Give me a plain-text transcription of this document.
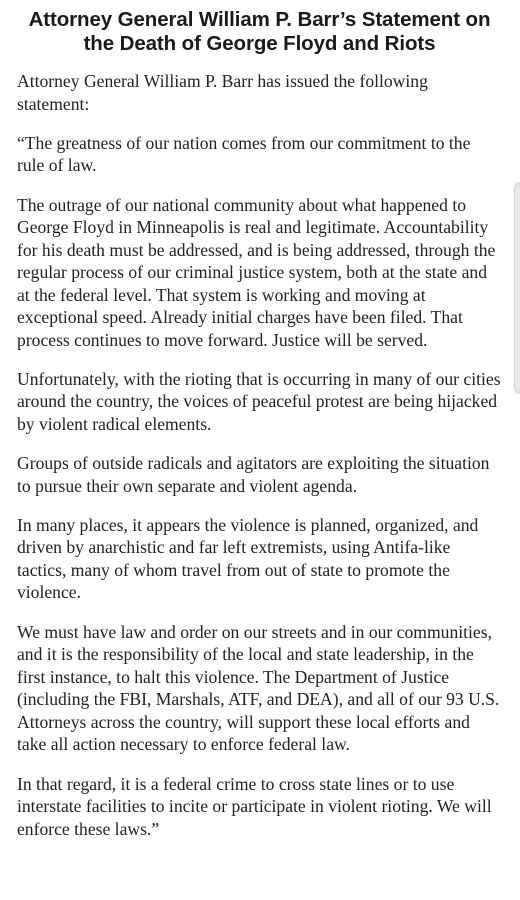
Attorney General William P. Barr’s Statement on the Death of George Floyd and Riots

Attorney General William P. Barr has issued the following statement:

“The greatness of our nation comes from our commitment to the rule of law.

The outrage of our national community about what happened to George Floyd in Minneapolis is real and legitimate. Accountability for his death must be addressed, and is being addressed, through the regular process of our criminal justice system, both at the state and at the federal level. That system is working and moving at exceptional speed. Already initial charges have been filed. That process continues to move forward. Justice will be served.

Unfortunately, with the rioting that is occurring in many of our cities around the country, the voices of peaceful protest are being hijacked by violent radical elements.

Groups of outside radicals and agitators are exploiting the situation to pursue their own separate and violent agenda.

In many places, it appears the violence is planned, organized, and driven by anarchistic and far left extremists, using Antifa-like tactics, many of whom travel from out of state to promote the violence.

We must have law and order on our streets and in our communities, and it is the responsibility of the local and state leadership, in the first instance, to halt this violence. The Department of Justice (including the FBI, Marshals, ATF, and DEA), and all of our 93 U.S. Attorneys across the country, will support these local efforts and take all action necessary to enforce federal law.

In that regard, it is a federal crime to cross state lines or to use interstate facilities to incite or participate in violent rioting. We will enforce these laws.”
